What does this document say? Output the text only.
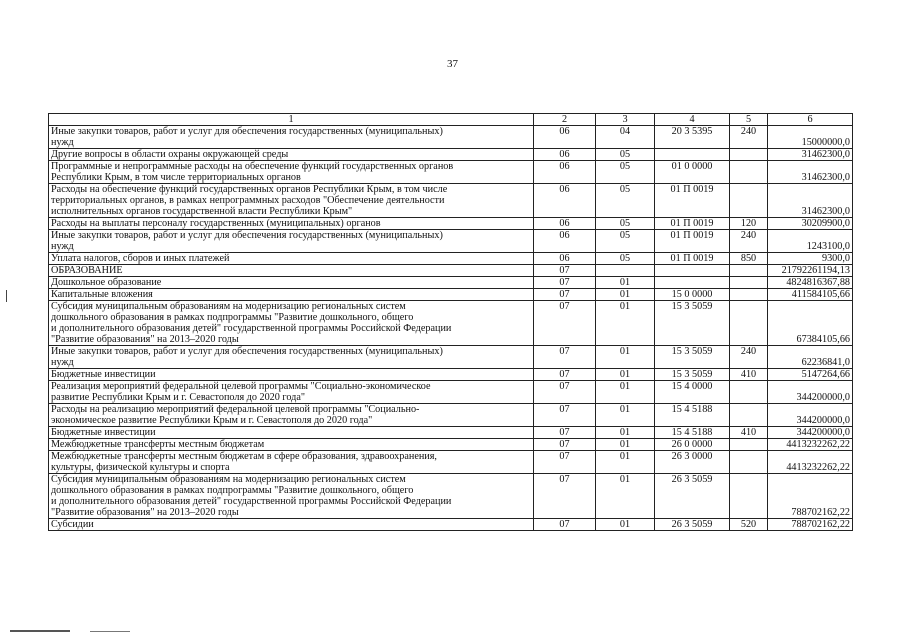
37
1	2	3	4	5	6

Иные закупки товаров, работ и услуг для обеспечения государственных (муниципальных)
нужд	06	04	20 3 5395	240	15000000,0

Другие вопросы в области охраны окружающей среды	06	05			31462300,0

Программные и непрограммные расходы на обеспечение функций государственных органов
Республики Крым, в том числе территориальных органов	06	05	01 0 0000		31462300,0

Расходы на обеспечение функций государственных органов Республики Крым, в том числе
территориальных органов, в рамках непрограммных расходов "Обеспечение деятельности
исполнительных органов государственной власти Республики Крым"	06	05	01 П 0019		31462300,0

Расходы на выплаты персоналу государственных (муниципальных) органов	06	05	01 П 0019	120	30209900,0

Иные закупки товаров, работ и услуг для обеспечения государственных (муниципальных)
нужд	06	05	01 П 0019	240	1243100,0

Уплата налогов, сборов и иных платежей	06	05	01 П 0019	850	9300,0

ОБРАЗОВАНИЕ	07				21792261194,13

Дошкольное образование	07	01			4824816367,88

Капитальные вложения	07	01	15 0 0000		411584105,66

Субсидия муниципальным образованиям на модернизацию региональных систем
дошкольного образования в рамках подпрограммы "Развитие дошкольного, общего
и дополнительного образования детей" государственной программы Российской Федерации
"Развитие образования" на 2013–2020 годы	07	01	15 3 5059		67384105,66

Иные закупки товаров, работ и услуг для обеспечения государственных (муниципальных)
нужд	07	01	15 3 5059	240	62236841,0

Бюджетные инвестиции	07	01	15 3 5059	410	5147264,66

Реализация мероприятий федеральной целевой программы "Социально-экономическое
развитие Республики Крым и г. Севастополя до 2020 года"	07	01	15 4 0000		344200000,0

Расходы на реализацию мероприятий федеральной целевой программы "Социально-
экономическое развитие Республики Крым и г. Севастополя до 2020 года"	07	01	15 4 5188		344200000,0

Бюджетные инвестиции	07	01	15 4 5188	410	344200000,0

Межбюджетные трансферты местным бюджетам	07	01	26 0 0000		4413232262,22

Межбюджетные трансферты местным бюджетам в сфере образования, здравоохранения,
культуры, физической культуры и спорта	07	01	26 3 0000		4413232262,22

Субсидия муниципальным образованиям на модернизацию региональных систем
дошкольного образования в рамках подпрограммы "Развитие дошкольного, общего
и дополнительного образования детей" государственной программы Российской Федерации
"Развитие образования" на 2013–2020 годы	07	01	26 3 5059		788702162,22

Субсидии	07	01	26 3 5059	520	788702162,22
